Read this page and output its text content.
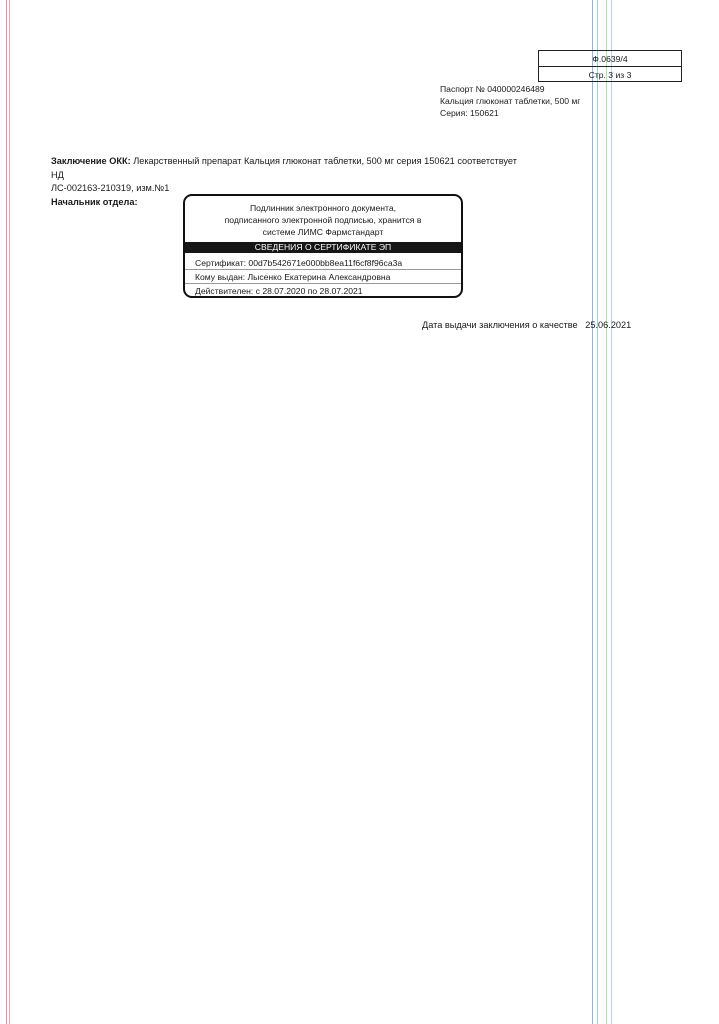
Ф.0639/4
Стр. 3 из 3
Паспорт № 040000246489
Кальция глюконат таблетки, 500 мг
Серия: 150621
Заключение ОКК: Лекарственный препарат Кальция глюконат таблетки, 500 мг серия 150621 соответствует НД
ЛС-002163-210319, изм.№1
Начальник отдела:
Подлинник электронного документа,
подписанного электронной подписью, хранится в
системе ЛИМС Фармстандарт
СВЕДЕНИЯ О СЕРТИФИКАТЕ ЭП
Сертификат: 00d7b542671e000bb8ea11f6cf8f96ca3a
Кому выдан: Лысенко Екатерина Александровна
Действителен: с 28.07.2020 по 28.07.2021
Дата выдачи заключения о качестве   25.06.2021
